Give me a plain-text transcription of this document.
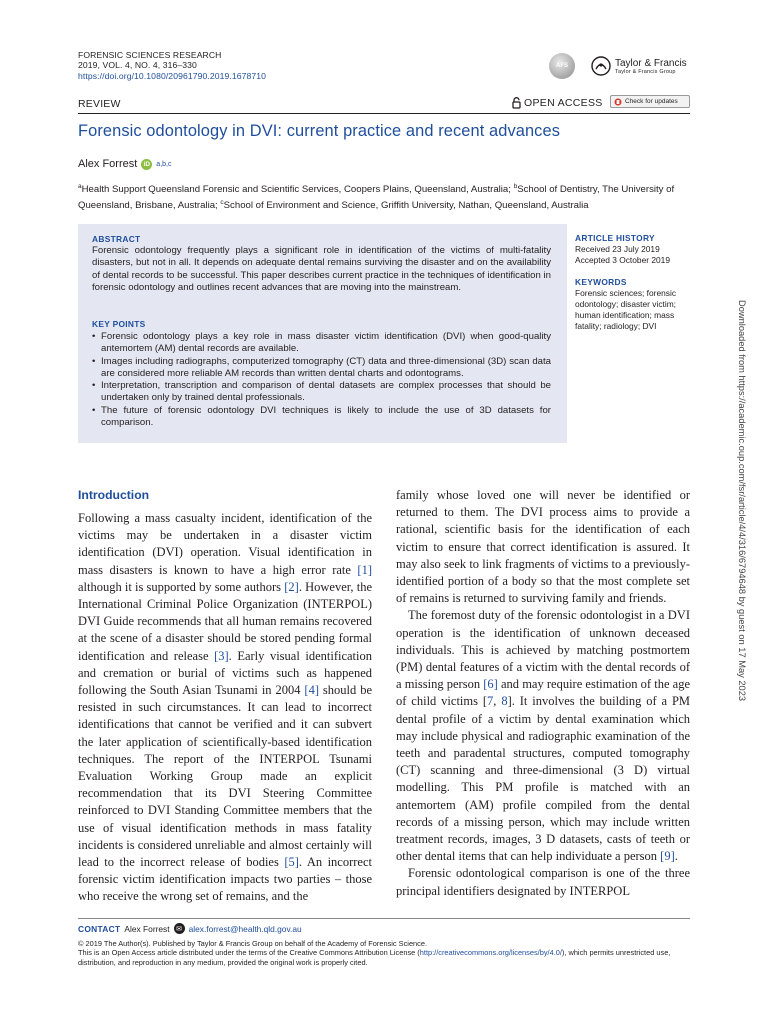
FORENSIC SCIENCES RESEARCH
2019, VOL. 4, NO. 4, 316–330
https://doi.org/10.1080/20961790.2019.1678710
AFS	Taylor & Francis
Taylor & Francis Group
REVIEW	OPEN ACCESS	Check for updates
Forensic odontology in DVI: current practice and recent advances
Alex Forrest iD a,b,c
$^a$Health Support Queensland Forensic and Scientific Services, Coopers Plains, Queensland, Australia; $^b$School of Dentistry, The University of Queensland, Brisbane, Australia; $^c$School of Environment and Science, Griffith University, Nathan, Queensland, Australia
ABSTRACT
Forensic odontology frequently plays a significant role in identification of the victims of multi-fatality disasters, but not in all. It depends on adequate dental remains surviving the disaster and on the availability of dental records to be successful. This paper describes current practice in the techniques of identification in forensic odontology and outlines recent advances that are moving into the mainstream.
KEY POINTS
• Forensic odontology plays a key role in mass disaster victim identification (DVI) when good-quality antemortem (AM) dental records are available.
• Images including radiographs, computerized tomography (CT) data and three-dimensional (3D) scan data are considered more reliable AM records than written dental charts and odontograms.
• Interpretation, transcription and comparison of dental datasets are complex processes that should be undertaken only by trained dental professionals.
• The future of forensic odontology DVI techniques is likely to include the use of 3D datasets for comparison.
ARTICLE HISTORY
Received 23 July 2019
Accepted 3 October 2019
KEYWORDS
Forensic sciences; forensic odontology; disaster victim; human identification; mass fatality; radiology; DVI	Downloaded from https://academic.oup.com/fsr/article/4/4/316/6794648 by guest on 17 May 2023
Introduction

Following a mass casualty incident, identification of the victims may be undertaken in a disaster victim identification (DVI) operation. Visual identification in mass disasters is known to have a high error rate [1] although it is supported by some authors [2]. However, the International Criminal Police Organization (INTERPOL) DVI Guide recommends that all human remains recovered at the scene of a disaster should be stored pending formal identification and release [3]. Early visual identification and cremation or burial of victims such as happened following the South Asian Tsunami in 2004 [4] should be resisted in such circumstances. It can lead to incorrect identifications that cannot be verified and it can subvert the later application of scientifically-based identification techniques. The report of the INTERPOL Tsunami Evaluation Working Group made an explicit recommendation that its DVI Steering Committee reinforced to DVI Standing Committee members that the use of visual identification methods in mass fatality incidents is considered unreliable and almost certainly will lead to the incorrect release of bodies [5]. An incorrect forensic victim identification impacts two parties – those who receive the wrong set of remains, and the

family whose loved one will never be identified or returned to them. The DVI process aims to provide a rational, scientific basis for the identification of each victim to ensure that correct identification is assured. It may also seek to link fragments of victims to a previously-identified portion of a body so that the most complete set of remains is returned to surviving family and friends.

The foremost duty of the forensic odontologist in a DVI operation is the identification of unknown deceased individuals. This is achieved by matching postmortem (PM) dental features of a victim with the dental records of a missing person [6] and may require estimation of the age of child victims [7, 8]. It involves the building of a PM dental profile of a victim by dental examination which may include physical and radiographic examination of the teeth and paradental structures, computed tomography (CT) scanning and three-dimensional (3 D) virtual modelling. This PM profile is matched with an antemortem (AM) profile compiled from the dental records of a missing person, which may include written treatment records, images, 3 D datasets, casts of teeth or other dental items that can help individuate a person [9].

Forensic odontological comparison is one of the three principal identifiers designated by INTERPOL

CONTACT Alex Forrest ✉ alex.forrest@health.qld.gov.au
© 2019 The Author(s). Published by Taylor & Francis Group on behalf of the Academy of Forensic Science.
This is an Open Access article distributed under the terms of the Creative Commons Attribution License (http://creativecommons.org/licenses/by/4.0/), which permits unrestricted use, distribution, and reproduction in any medium, provided the original work is properly cited.
